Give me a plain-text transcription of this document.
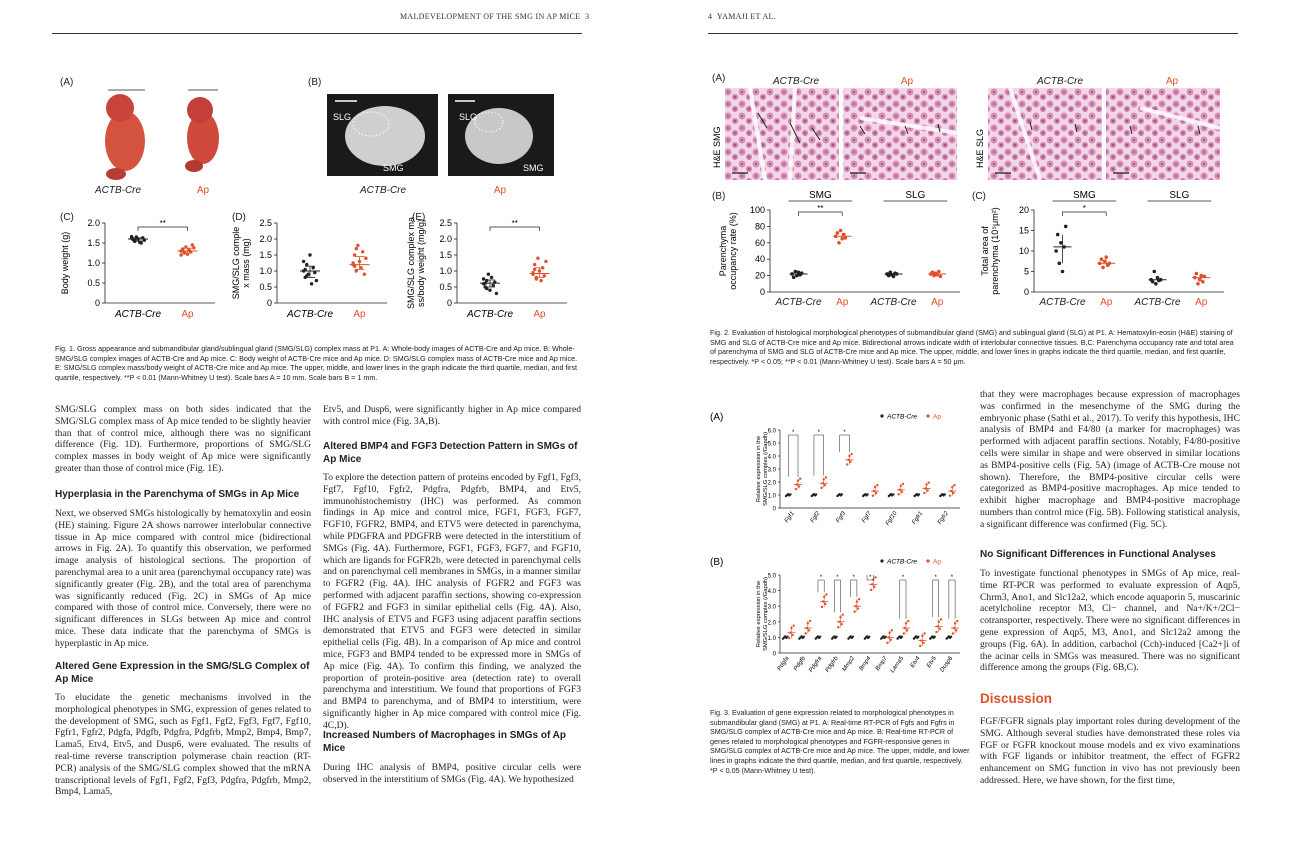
MALDEVELOPMENT OF THE SMG IN AP MICE 3
(A)
ACTB-Cre	Ap
(B)
SLG
SMG
SLG
SMG
ACTB-Cre	Ap
(C)	(D)	(E)
0
0.5
1.0
1.5
2.0
Body weight (g)
ACTB-Cre Ap
**
0
0.5
1.0
1.5
2.0
2.5
SMG/SLG complex mass (mg)
ACTB-Cre Ap
0
0.5
1.0
1.5
2.0
2.5
SMG/SLG complex mass/body weight (mg/g)
ACTB-Cre Ap
**
Fig. 1. Gross appearance and submandibular gland/sublingual gland (SMG/SLG) complex mass at P1. A: Whole-body images of ACTB-Cre and Ap mice. B: Whole-SMG/SLG complex images of ACTB-Cre and Ap mice. C: Body weight of ACTB-Cre mice and Ap mice. D: SMG/SLG complex mass of ACTB-Cre mice and Ap mice. E: SMG/SLG complex mass/body weight of ACTB-Cre mice and Ap mice. The upper, middle, and lower lines in the graph indicate the third quartile, median, and first quartile, respectively. **P < 0.01 (Mann-Whitney U test). Scale bars A = 10 mm. Scale bars B = 1 mm.
SMG/SLG complex mass on both sides indicated that the SMG/SLG complex mass of Ap mice tended to be slightly heavier than that of control mice, although there was no significant difference (Fig. 1D). Furthermore, proportions of SMG/SLG complex masses in body weight of Ap mice were significantly greater than those of control mice (Fig. 1E).
Hyperplasia in the Parenchyma of SMGs in Ap Mice
Next, we observed SMGs histologically by hematoxylin and eosin (HE) staining. Figure 2A shows narrower interlobular connective tissue in Ap mice compared with control mice (bidirectional arrows in Fig. 2A). To quantify this observation, we performed image analysis of histological sections. The proportion of parenchymal area to a unit area (parenchymal occupancy rate) was significantly greater (Fig. 2B), and the total area of parenchyma was significantly reduced (Fig. 2C) in SMGs of Ap mice compared with those of control mice. Conversely, there were no significant differences in SLGs between Ap mice and control mice. These data indicate that the parenchyma of SMGs is hyperplastic in Ap mice.
Altered Gene Expression in the SMG/SLG Complex of Ap Mice
To elucidate the genetic mechanisms involved in the morphological phenotypes in SMG, expression of genes related to the development of SMG, such as Fgf1, Fgf2, Fgf3, Fgf7, Fgf10, Fgfr1, Fgfr2, Pdgfa, Pdgfb, Pdgfra, Pdgfrb, Mmp2, Bmp4, Bmp7, Lama5, Etv4, Etv5, and Dusp6, were evaluated. The results of real-time reverse transcription polymerase chain reaction (RT-PCR) analysis of the SMG/SLG complex showed that the mRNA transcriptional levels of Fgf1, Fgf2, Fgf3, Pdgfra, Pdgfrb, Mmp2, Bmp4, Lama5,
Etv5, and Dusp6, were significantly higher in Ap mice compared with control mice (Fig. 3A,B).
Altered BMP4 and FGF3 Detection Pattern in SMGs of Ap Mice
To explore the detection pattern of proteins encoded by Fgf1, Fgf3, Fgf7, Fgf10, Fgfr2, Pdgfra, Pdgfrb, BMP4, and Etv5, immunohistochemistry (IHC) was performed. As common findings in Ap mice and control mice, FGF1, FGF3, FGF7, FGF10, FGFR2, BMP4, and ETV5 were detected in parenchyma, while PDGFRA and PDGFRB were detected in the interstitium of SMGs (Fig. 4A). Furthermore, FGF1, FGF3, FGF7, and FGF10, which are ligands for FGFR2b, were detected in parenchymal cells and on parenchymal cell membranes in SMGs, in a manner similar to FGFR2 (Fig. 4A). IHC analysis of FGFR2 and FGF3 was performed with adjacent paraffin sections, showing co-expression of FGFR2 and FGF3 in similar epithelial cells (Fig. 4A). Also, IHC analysis of ETV5 and FGF3 using adjacent paraffin sections demonstrated that ETV5 and FGF3 were detected in similar epithelial cells (Fig. 4B). In a comparison of Ap mice and control mice, FGF3 and BMP4 tended to be expressed more in SMGs of Ap mice (Fig. 4A). To confirm this finding, we analyzed the proportion of protein-positive area (detection rate) to overall parenchyma and interstitium. We found that proportions of FGF3 and BMP4 to parenchyma, and of BMP4 to interstitium, were significantly higher in Ap mice compared with control mice (Fig. 4C,D).
Increased Numbers of Macrophages in SMGs of Ap Mice
During IHC analysis of BMP4, positive circular cells were observed in the interstitium of SMGs (Fig. 4A). We hypothesized
4 YAMAJI ET AL.
(A)	ACTB-Cre	Ap	ACTB-Cre	Ap
H&E SMG	H&E SLG
(B)	(C)
0
20
40
60
80
100
Parenchymaoccupancy rate (%)
SMG	SLG
ACTB-Cre Ap ACTB-Cre Ap
**
0
5
10
15
20
Total area ofparenchyma (10⁵μm²)
SMG	SLG
ACTB-Cre Ap ACTB-Cre Ap
*
Fig. 2. Evaluation of histological morphological phenotypes of submandibular gland (SMG) and sublingual gland (SLG) at P1. A: Hematoxylin-eosin (H&E) staining of SMG and SLG of ACTB-Cre mice and Ap mice. Bidirectional arrows indicate width of interlobular connective tissues. B,C: Parenchyma occupancy rate and total area of parenchyma of SMG and SLG of ACTB-Cre mice and Ap mice. The upper, middle, and lower lines in graphs indicate the third quartile, median, and first quartile, respectively. *P < 0.05; **P < 0.01 (Mann-Whitney U test). Scale bars A = 50 μm.
(A)	ACTB-Cre Ap
0
1.0
2.0
3.0
4.0
5.0
6.0
Relative expression in theSMG/SLG complex (/Gapdh)	*
Fgf1
*
Fgf2
*
Fgf3 Fgf7 Fgf10 Fgfr1 Fgfr2
(B)	ACTB-Cre Ap
0
1.0
2.0
3.0
4.0
5.0
Relative expression in theSMG/SLG complex (/Gapdh)
Pdgfa Pdgfb
*
Pdgfra
*
Pdgfrb
*
Mmp2
*
Bmp4 Bmp7
*
Lama5 Etv4
*
Etv5
*
Dusp6
Fig. 3. Evaluation of gene expression related to morphological phenotypes in submandibular gland (SMG) at P1. A: Real-time RT-PCR of Fgfs and Fgfrs in SMG/SLG complex of ACTB-Cre mice and Ap mice. B: Real-time RT-PCR of genes related to morphological phenotypes and FGFR-responsive genes in SMG/SLG complex of ACTB-Cre mice and Ap mice. The upper, middle, and lower lines in graphs indicate the third quartile, median, and first quartile, respectively. *P < 0.05 (Mann-Whitney U test).
that they were macrophages because expression of macrophages was confirmed in the mesenchyme of the SMG during the embryonic phase (Sathi et al., 2017). To verify this hypothesis, IHC analysis of BMP4 and F4/80 (a marker for macrophages) was performed with adjacent paraffin sections. Notably, F4/80-positive cells were similar in shape and were observed in similar locations as BMP4-positive cells (Fig. 5A) (image of ACTB-Cre mouse not shown). Therefore, the BMP4-positive circular cells were categorized as BMP4-positive macrophages. Ap mice tended to exhibit higher macrophage and BMP4-positive macrophage numbers than control mice (Fig. 5B). Following statistical analysis, a significant difference was confirmed (Fig. 5C).
No Significant Differences in Functional Analyses
To investigate functional phenotypes in SMGs of Ap mice, real-time RT-PCR was performed to evaluate expression of Aqp5, Chrm3, Ano1, and Slc12a2, which encode aquaporin 5, muscarinic acetylcholine receptor M3, Cl− channel, and Na+/K+/2Cl− cotransporter, respectively. There were no significant differences in gene expression of Aqp5, M3, Ano1, and Slc12a2 among the groups (Fig. 6A). In addition, carbachol (Cch)-induced [Ca2+]i of the acinar cells in SMGs was measured. There was no significant difference among the groups (Fig. 6B,C).
Discussion
FGF/FGFR signals play important roles during development of the SMG. Although several studies have demonstrated these roles via FGF or FGFR knockout mouse models and ex vivo examinations with FGF ligands or inhibitor treatment, the effect of FGFR2 enhancement on SMG function in vivo has not previously been addressed. Here, we have shown, for the first time,
